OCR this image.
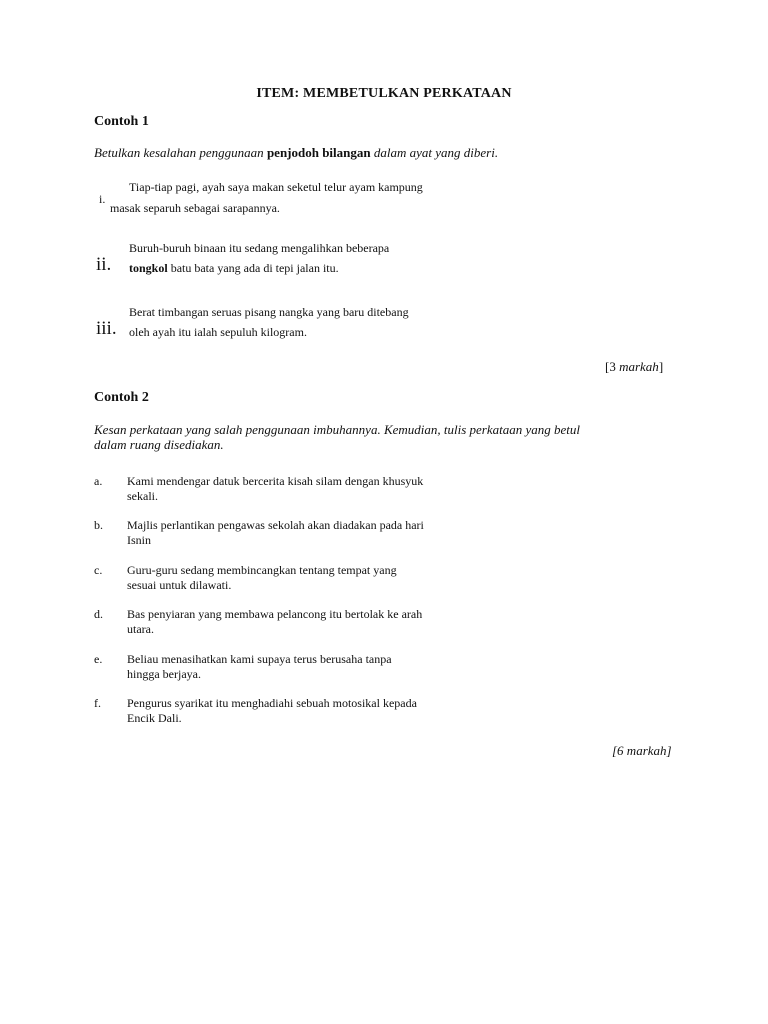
ITEM: MEMBETULKAN PERKATAAN
Contoh 1
Betulkan kesalahan penggunaan penjodoh bilangan dalam ayat yang diberi.
i.
Tiap-tiap pagi, ayah saya makan seketul telur ayam kampung
masak separuh sebagai sarapannya.
ii.
Buruh-buruh binaan itu sedang mengalihkan beberapa
tongkol batu bata yang ada di tepi jalan itu.
iii.
Berat timbangan seruas pisang nangka yang baru ditebang
oleh ayah itu ialah sepuluh kilogram.
[3 markah]
Contoh 2
Kesan perkataan yang salah penggunaan imbuhannya. Kemudian, tulis perkataan yang betul
dalam ruang disediakan.
a. Kami mendengar datuk bercerita kisah silam dengan khusyuk
sekali.
b. Majlis perlantikan pengawas sekolah akan diadakan pada hari
Isnin
c. Guru-guru sedang membincangkan tentang tempat yang
sesuai untuk dilawati.
d. Bas penyiaran yang membawa pelancong itu bertolak ke arah
utara.
e. Beliau menasihatkan kami supaya terus berusaha tanpa
hingga berjaya.
f. Pengurus syarikat itu menghadiahi sebuah motosikal kepada
Encik Dali.
[6 markah]
